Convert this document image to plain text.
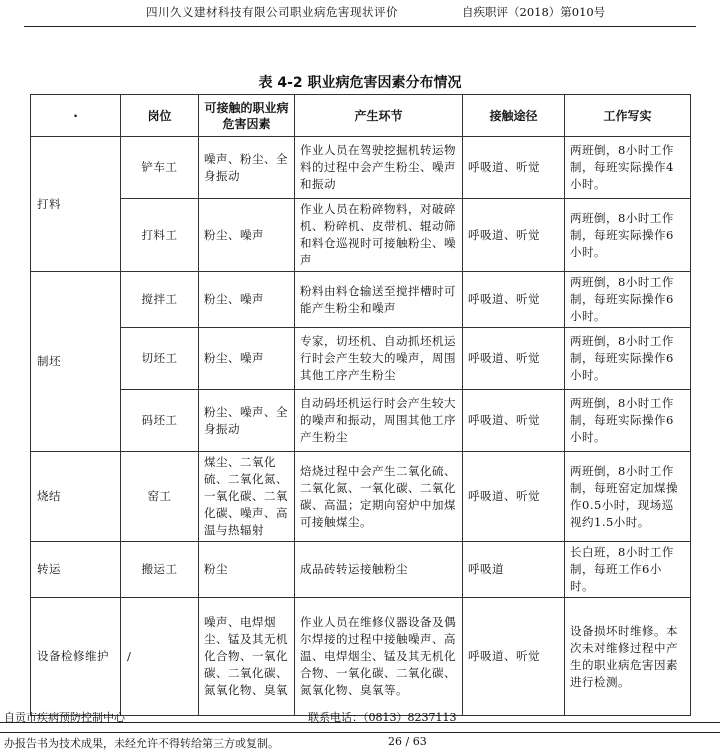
四川久义建材科技有限公司职业病危害现状评价	自疾职评（2018）第010号
表 4-2 职业病危害因素分布情况
·	岗位	可接触的职业病危害因素	产生环节	接触途径	工作写实
打料	铲车工	噪声、粉尘、全身振动	作业人员在驾驶挖掘机转运物料的过程中会产生粉尘、噪声和振动	呼吸道、听觉	两班倒，8小时工作制，每班实际操作4小时。
	打料工	粉尘、噪声	作业人员在粉碎物料，对破碎机、粉碎机、皮带机、辊动筛和料仓巡视时可接触粉尘、噪声	呼吸道、听觉	两班倒，8小时工作制，每班实际操作6小时。
制坯	搅拌工	粉尘、噪声	粉料由料仓输送至搅拌槽时可能产生粉尘和噪声	呼吸道、听觉	两班倒，8小时工作制，每班实际操作6小时。
	切坯工	粉尘、噪声	专家，切坯机、自动抓坯机运行时会产生较大的噪声，周围其他工序产生粉尘	呼吸道、听觉	两班倒，8小时工作制，每班实际操作6小时。
	码坯工	粉尘、噪声、全身振动	自动码坯机运行时会产生较大的噪声和振动，周围其他工序产生粉尘	呼吸道、听觉	两班倒，8小时工作制，每班实际操作6小时。
烧结	窑工	煤尘、二氧化硫、二氧化氮、一氧化碳、二氧化碳、噪声、高温与热辐射	焙烧过程中会产生二氧化硫、二氧化氮、一氧化碳、二氧化碳、高温；定期向窑炉中加煤可接触煤尘。	呼吸道、听觉	两班倒，8小时工作制，每班窑定加煤操作0.5小时，现场巡视约1.5小时。
转运	搬运工	粉尘	成品砖转运接触粉尘	呼吸道	长白班，8小时工作制，每班工作6小时。
设备检修维护	/	噪声、电焊烟尘、锰及其无机化合物、一氧化碳、二氧化碳、氮氧化物、臭氧	作业人员在维修仪器设备及偶尔焊接的过程中接触噪声、高温、电焊烟尘、锰及其无机化合物、一氧化碳、二氧化碳、氮氧化物、臭氧等。	呼吸道、听觉	设备损坏时维修。本次未对维修过程中产生的职业病危害因素进行检测。
自贡市疾病预防控制中心	联系电话：（0813）8237113
办报告书为技术成果，未经允许不得转给第三方或复制。	26 / 63
